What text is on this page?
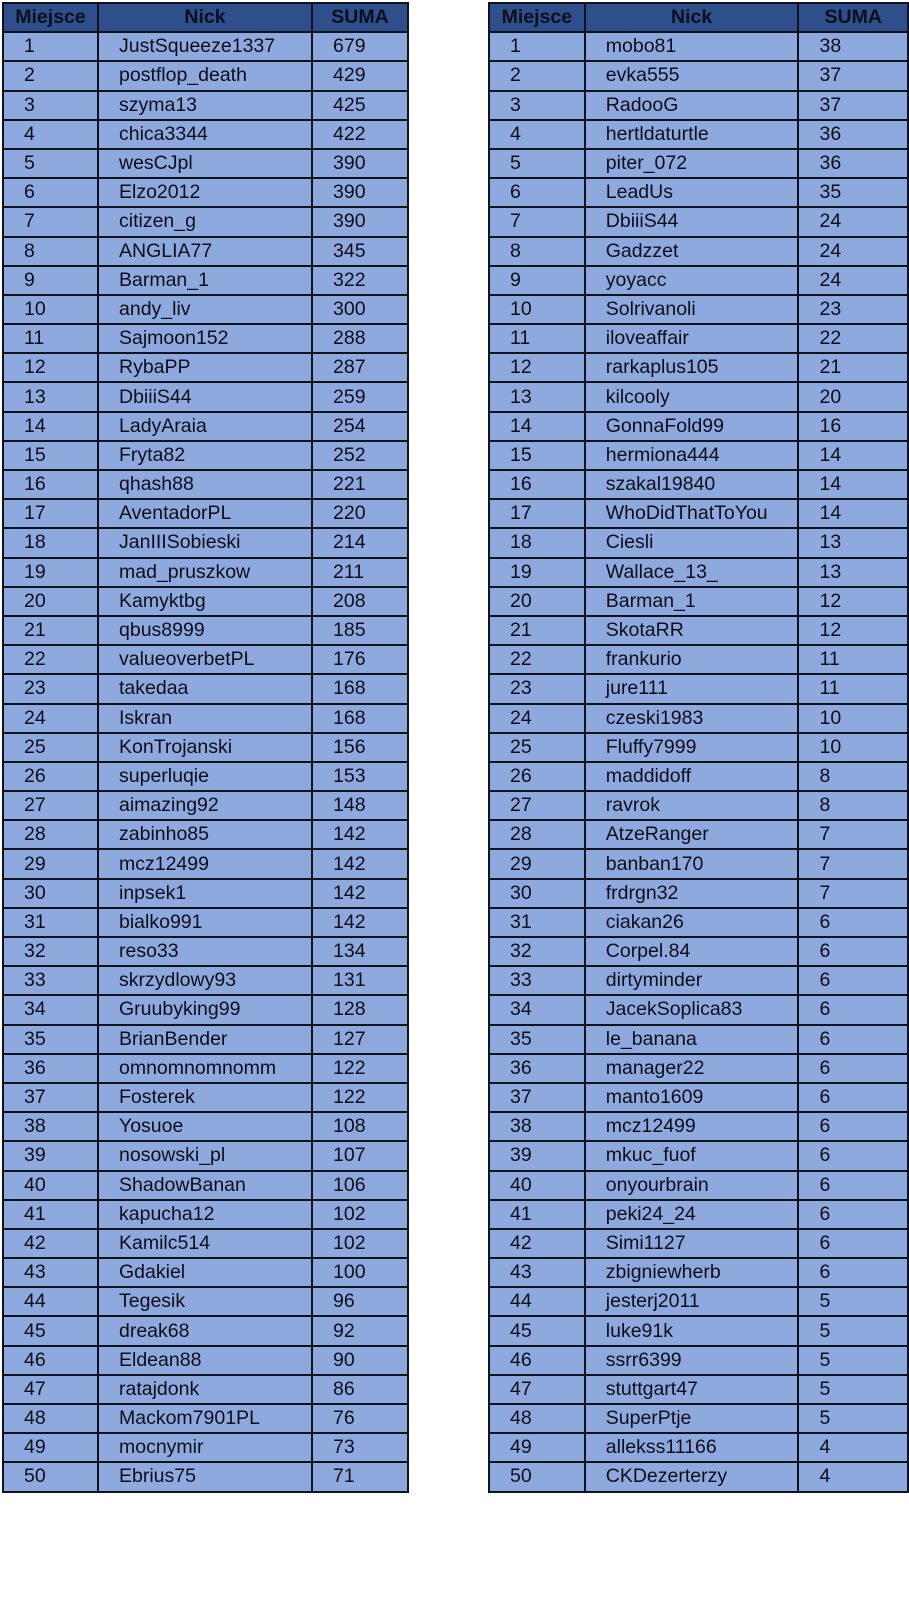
Miejsce	Nick	SUMA
1	JustSqueeze1337	679
2	postflop_death	429
3	szyma13	425
4	chica3344	422
5	wesCJpl	390
6	Elzo2012	390
7	citizen_g	390
8	ANGLIA77	345
9	Barman_1	322
10	andy_liv	300
11	Sajmoon152	288
12	RybaPP	287
13	DbiiiS44	259
14	LadyAraia	254
15	Fryta82	252
16	qhash88	221
17	AventadorPL	220
18	JanIIISobieski	214
19	mad_pruszkow	211
20	Kamyktbg	208
21	qbus8999	185
22	valueoverbetPL	176
23	takedaa	168
24	Iskran	168
25	KonTrojanski	156
26	superluqie	153
27	aimazing92	148
28	zabinho85	142
29	mcz12499	142
30	inpsek1	142
31	bialko991	142
32	reso33	134
33	skrzydlowy93	131
34	Gruubyking99	128
35	BrianBender	127
36	omnomnomnomm	122
37	Fosterek	122
38	Yosuoe	108
39	nosowski_pl	107
40	ShadowBanan	106
41	kapucha12	102
42	Kamilc514	102
43	Gdakiel	100
44	Tegesik	96
45	dreak68	92
46	Eldean88	90
47	ratajdonk	86
48	Mackom7901PL	76
49	mocnymir	73
50	Ebrius75	71
Miejsce	Nick	SUMA
1	mobo81	38
2	evka555	37
3	RadooG	37
4	hertldaturtle	36
5	piter_072	36
6	LeadUs	35
7	DbiiiS44	24
8	Gadzzet	24
9	yoyacc	24
10	Solrivanoli	23
11	iloveaffair	22
12	rarkaplus105	21
13	kilcooly	20
14	GonnaFold99	16
15	hermiona444	14
16	szakal19840	14
17	WhoDidThatToYou	14
18	Ciesli	13
19	Wallace_13_	13
20	Barman_1	12
21	SkotaRR	12
22	frankurio	11
23	jure111	11
24	czeski1983	10
25	Fluffy7999	10
26	maddidoff	8
27	ravrok	8
28	AtzeRanger	7
29	banban170	7
30	frdrgn32	7
31	ciakan26	6
32	Corpel.84	6
33	dirtyminder	6
34	JacekSoplica83	6
35	le_banana	6
36	manager22	6
37	manto1609	6
38	mcz12499	6
39	mkuc_fuof	6
40	onyourbrain	6
41	peki24_24	6
42	Simi1127	6
43	zbigniewherb	6
44	jesterj2011	5
45	luke91k	5
46	ssrr6399	5
47	stuttgart47	5
48	SuperPtje	5
49	allekss11166	4
50	CKDezerterzy	4
